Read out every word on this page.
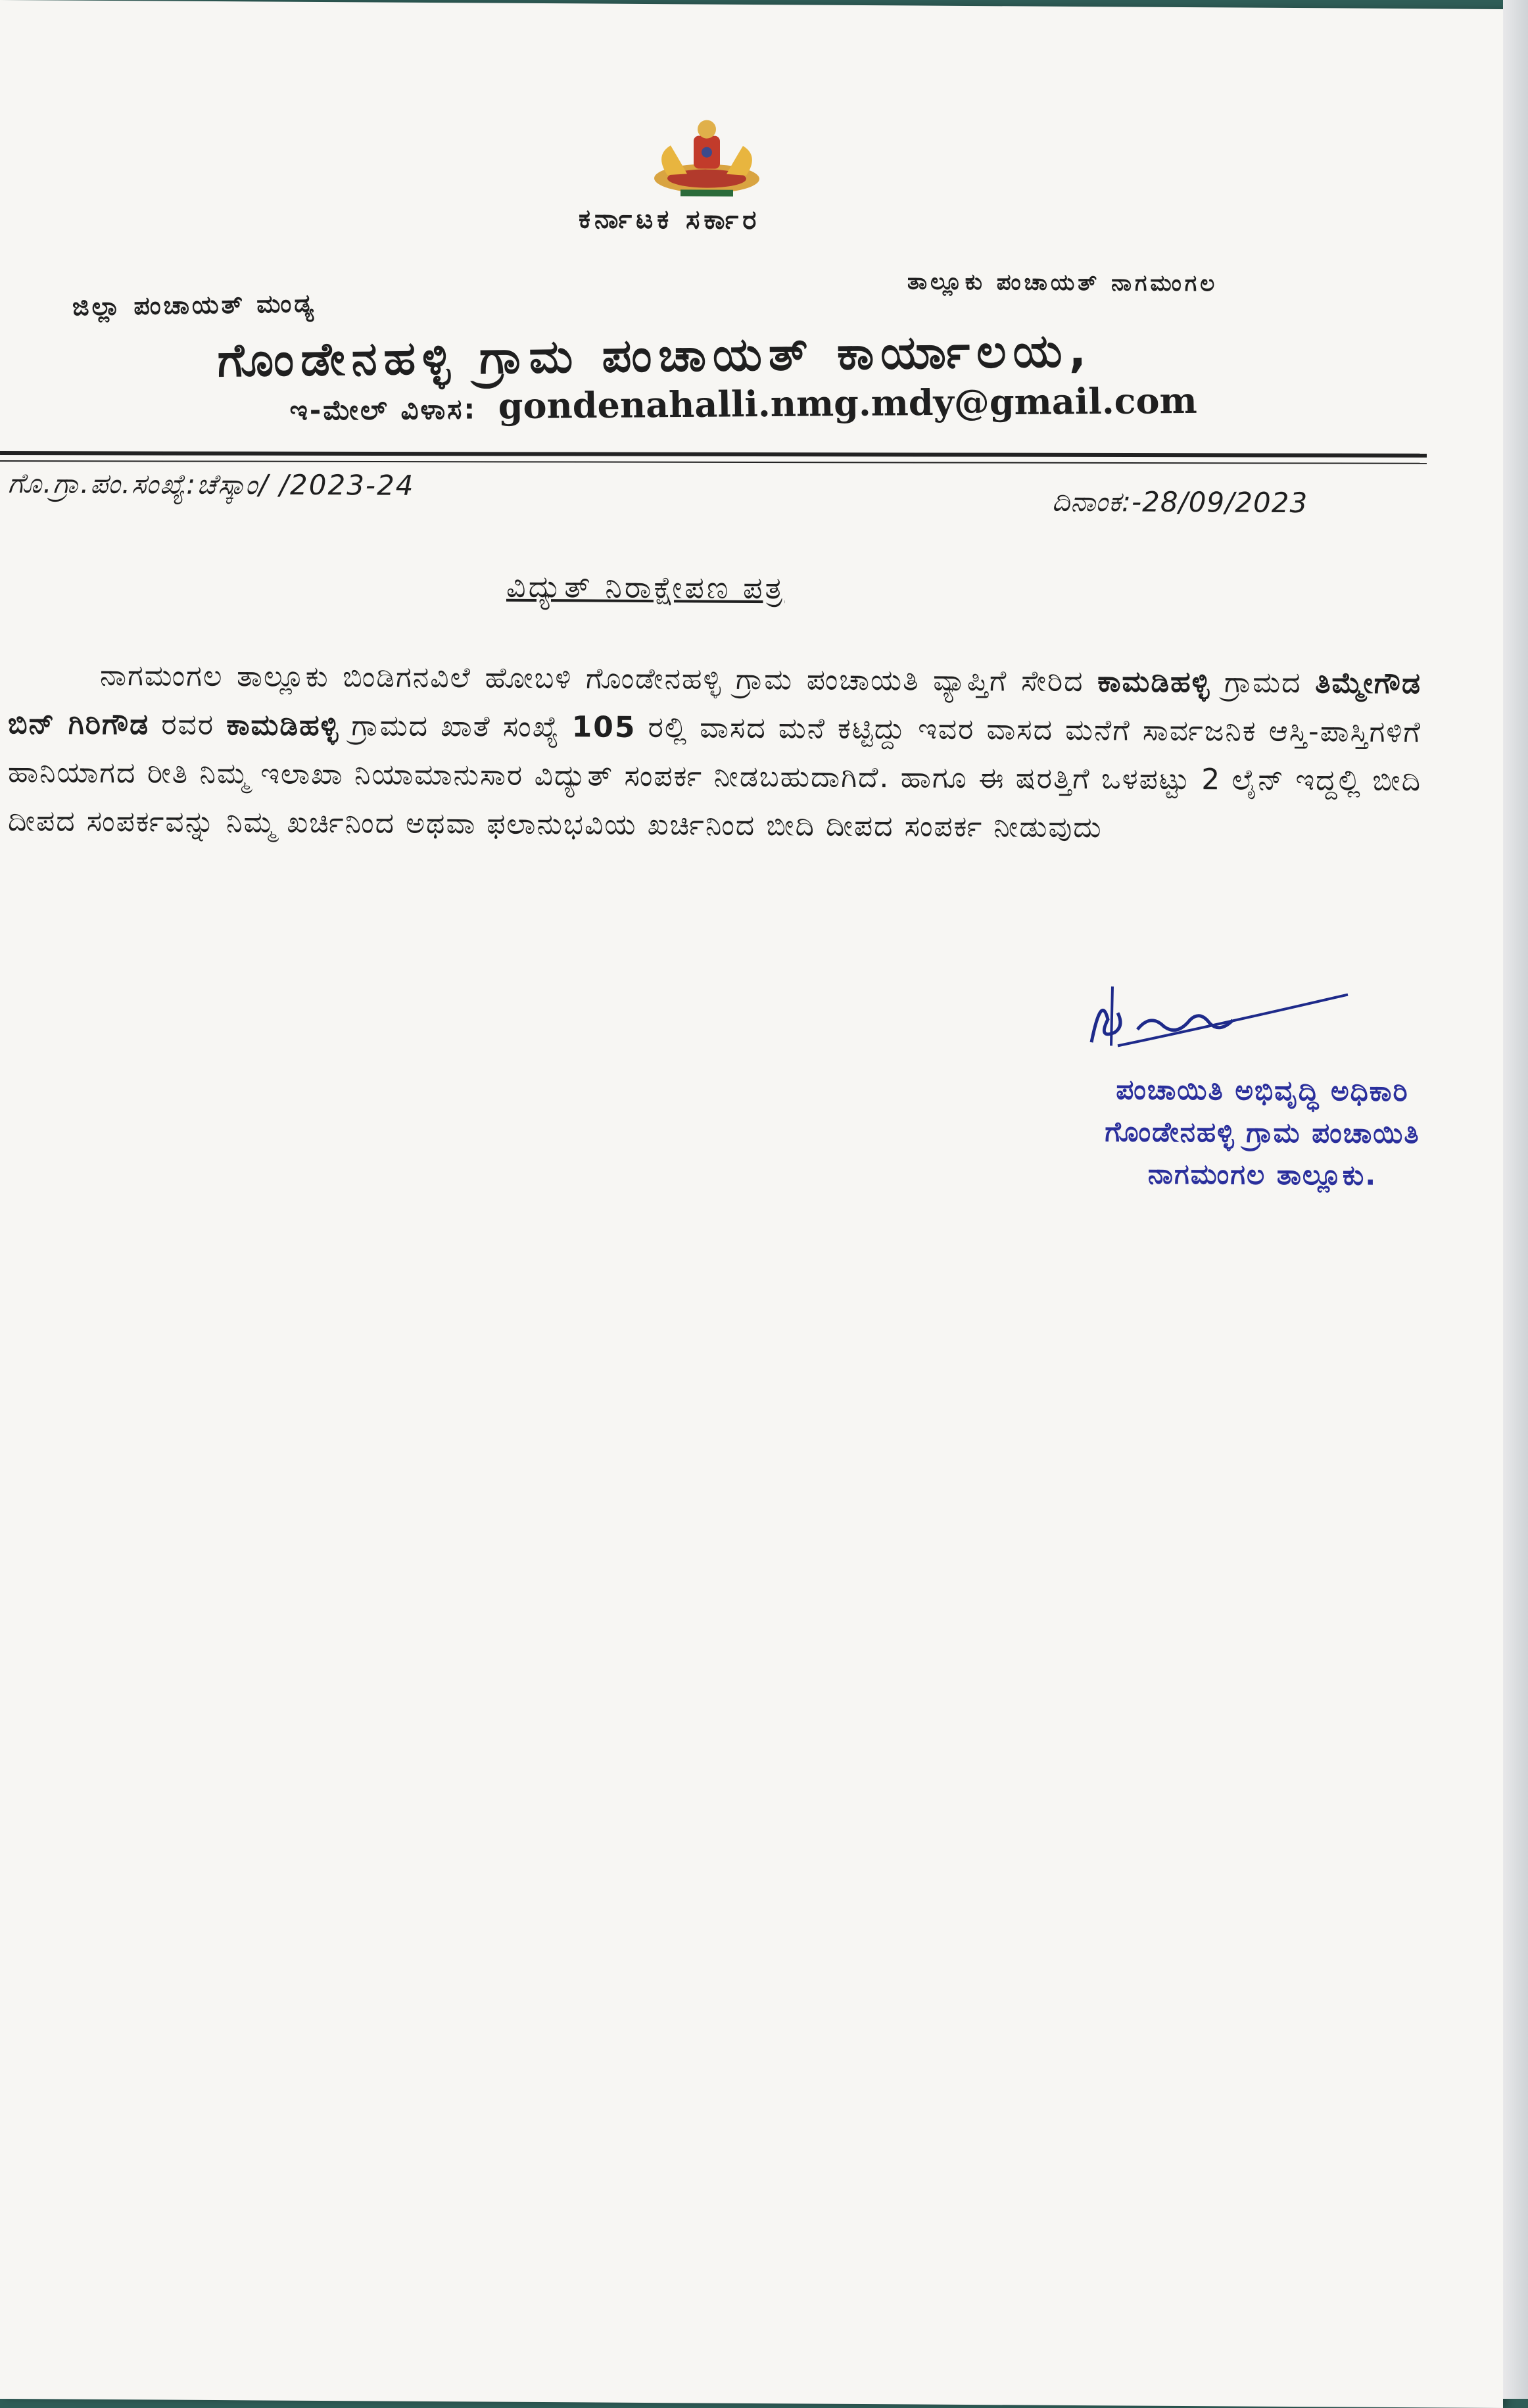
ಕರ್ನಾಟಕ ಸರ್ಕಾರ
ತಾಲ್ಲೂಕು ಪಂಚಾಯತ್ ನಾಗಮಂಗಲ
ಜಿಲ್ಲಾ ಪಂಚಾಯತ್ ಮಂಡ್ಯ
ಗೊಂಡೇನಹಳ್ಳಿ ಗ್ರಾಮ ಪಂಚಾಯತ್ ಕಾರ್ಯಾಲಯ,
ಇ-ಮೇಲ್ ವಿಳಾಸ: gondenahalli.nmg.mdy@gmail.com
ಗೊ.ಗ್ರಾ.ಪಂ.ಸಂಖ್ಯೆ:ಚೆಸ್ಕಾಂ/ /2023-24
ದಿನಾಂಕ:-28/09/2023
ವಿದ್ಯುತ್ ನಿರಾಕ್ಷೇಪಣ ಪತ್ರ
ನಾಗಮಂಗಲ ತಾಲ್ಲೂಕು ಬಿಂಡಿಗನವಿಲೆ ಹೋಬಳಿ ಗೊಂಡೇನಹಳ್ಳಿ ಗ್ರಾಮ ಪಂಚಾಯತಿ ವ್ಯಾಪ್ತಿಗೆ ಸೇರಿದ ಕಾಮಡಿಹಳ್ಳಿ ಗ್ರಾಮದ ತಿಮ್ಮೇಗೌಡ ಬಿನ್ ಗಿರಿಗೌಡ ರವರ ಕಾಮಡಿಹಳ್ಳಿ ಗ್ರಾಮದ ಖಾತೆ ಸಂಖ್ಯೆ 105 ರಲ್ಲಿ ವಾಸದ ಮನೆ ಕಟ್ಟಿದ್ದು ಇವರ ವಾಸದ ಮನೆಗೆ ಸಾರ್ವಜನಿಕ ಆಸ್ತಿ-ಪಾಸ್ತಿಗಳಿಗೆ ಹಾನಿಯಾಗದ ರೀತಿ ನಿಮ್ಮ ಇಲಾಖಾ ನಿಯಾಮಾನುಸಾರ ವಿದ್ಯುತ್ ಸಂಪರ್ಕ ನೀಡಬಹುದಾಗಿದೆ. ಹಾಗೂ ಈ ಷರತ್ತಿಗೆ ಒಳಪಟ್ಟು 2 ಲೈನ್ ಇದ್ದಲ್ಲಿ ಬೀದಿ ದೀಪದ ಸಂಪರ್ಕವನ್ನು ನಿಮ್ಮ ಖರ್ಚಿನಿಂದ ಅಥವಾ ಫಲಾನುಭವಿಯ ಖರ್ಚಿನಿಂದ ಬೀದಿ ದೀಪದ ಸಂಪರ್ಕ ನೀಡುವುದು
ಪಂಚಾಯಿತಿ ಅಭಿವೃದ್ಧಿ ಅಧಿಕಾರಿ
ಗೊಂಡೇನಹಳ್ಳಿ ಗ್ರಾಮ ಪಂಚಾಯಿತಿ
ನಾಗಮಂಗಲ ತಾಲ್ಲೂಕು.
